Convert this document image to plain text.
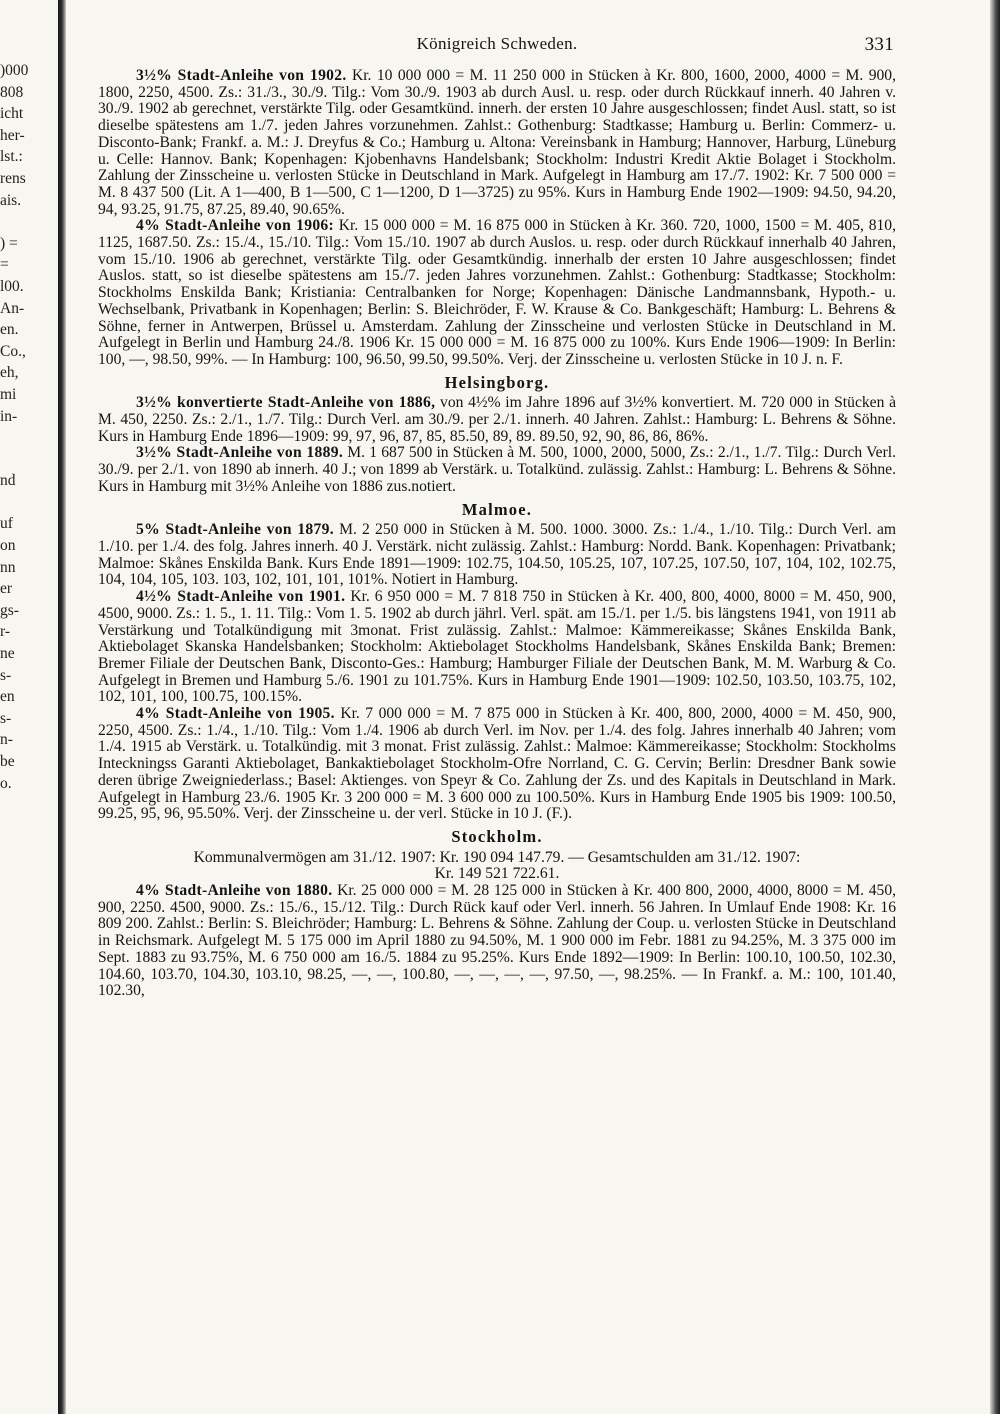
)000
808
icht
her-
lst.:
rens
ais.
) =
=
l00.
An-
en.
Co.,
eh,
mi
in-
nd
uf
on
nn
er
gs-
r-
ne
s-
en
s-
n-
be
o.
Königreich Schweden.	331

3½% Stadt-Anleihe von 1902. Kr. 10 000 000 = M. 11 250 000 in Stücken à Kr. 800, 1600, 2000, 4000 = M. 900, 1800, 2250, 4500. Zs.: 31./3., 30./9. Tilg.: Vom 30./9. 1903 ab durch Ausl. u. resp. oder durch Rückkauf innerh. 40 Jahren v. 30./9. 1902 ab gerechnet, verstärkte Tilg. oder Gesamtkünd. innerh. der ersten 10 Jahre ausgeschlossen; findet Ausl. statt, so ist dieselbe spätestens am 1./7. jeden Jahres vorzunehmen. Zahlst.: Gothenburg: Stadtkasse; Hamburg u. Berlin: Commerz- u. Disconto-Bank; Frankf. a. M.: J. Dreyfus & Co.; Hamburg u. Altona: Vereinsbank in Hamburg; Hannover, Harburg, Lüneburg u. Celle: Hannov. Bank; Kopenhagen: Kjobenhavns Handelsbank; Stockholm: Industri Kredit Aktie Bolaget i Stockholm. Zahlung der Zinsscheine u. verlosten Stücke in Deutschland in Mark. Aufgelegt in Hamburg am 17./7. 1902: Kr. 7 500 000 = M. 8 437 500 (Lit. A 1—400, B 1—500, C 1—1200, D 1—3725) zu 95%. Kurs in Hamburg Ende 1902—1909: 94.50, 94.20, 94, 93.25, 91.75, 87.25, 89.40, 90.65%.

4% Stadt-Anleihe von 1906: Kr. 15 000 000 = M. 16 875 000 in Stücken à Kr. 360. 720, 1000, 1500 = M. 405, 810, 1125, 1687.50. Zs.: 15./4., 15./10. Tilg.: Vom 15./10. 1907 ab durch Auslos. u. resp. oder durch Rückkauf innerhalb 40 Jahren, vom 15./10. 1906 ab gerechnet, verstärkte Tilg. oder Gesamtkündig. innerhalb der ersten 10 Jahre ausgeschlossen; findet Auslos. statt, so ist dieselbe spätestens am 15./7. jeden Jahres vorzunehmen. Zahlst.: Gothenburg: Stadtkasse; Stockholm: Stockholms Enskilda Bank; Kristiania: Centralbanken for Norge; Kopenhagen: Dänische Landmannsbank, Hypoth.- u. Wechselbank, Privatbank in Kopenhagen; Berlin: S. Bleichröder, F. W. Krause & Co. Bankgeschäft; Hamburg: L. Behrens & Söhne, ferner in Antwerpen, Brüssel u. Amsterdam. Zahlung der Zinsscheine und verlosten Stücke in Deutschland in M. Aufgelegt in Berlin und Hamburg 24./8. 1906 Kr. 15 000 000 = M. 16 875 000 zu 100%. Kurs Ende 1906—1909: In Berlin: 100, —, 98.50, 99%. — In Hamburg: 100, 96.50, 99.50, 99.50%. Verj. der Zinsscheine u. verlosten Stücke in 10 J. n. F.

Helsingborg.

3½% konvertierte Stadt-Anleihe von 1886, von 4½% im Jahre 1896 auf 3½% konvertiert. M. 720 000 in Stücken à M. 450, 2250. Zs.: 2./1., 1./7. Tilg.: Durch Verl. am 30./9. per 2./1. innerh. 40 Jahren. Zahlst.: Hamburg: L. Behrens & Söhne. Kurs in Hamburg Ende 1896—1909: 99, 97, 96, 87, 85, 85.50, 89, 89. 89.50, 92, 90, 86, 86, 86%.

3½% Stadt-Anleihe von 1889. M. 1 687 500 in Stücken à M. 500, 1000, 2000, 5000, Zs.: 2./1., 1./7. Tilg.: Durch Verl. 30./9. per 2./1. von 1890 ab innerh. 40 J.; von 1899 ab Verstärk. u. Totalkünd. zulässig. Zahlst.: Hamburg: L. Behrens & Söhne. Kurs in Hamburg mit 3½% Anleihe von 1886 zus.notiert.

Malmoe.

5% Stadt-Anleihe von 1879. M. 2 250 000 in Stücken à M. 500. 1000. 3000. Zs.: 1./4., 1./10. Tilg.: Durch Verl. am 1./10. per 1./4. des folg. Jahres innerh. 40 J. Verstärk. nicht zulässig. Zahlst.: Hamburg: Nordd. Bank. Kopenhagen: Privatbank; Malmoe: Skånes Enskilda Bank. Kurs Ende 1891—1909: 102.75, 104.50, 105.25, 107, 107.25, 107.50, 107, 104, 102, 102.75, 104, 104, 105, 103. 103, 102, 101, 101, 101%. Notiert in Hamburg.

4½% Stadt-Anleihe von 1901. Kr. 6 950 000 = M. 7 818 750 in Stücken à Kr. 400, 800, 4000, 8000 = M. 450, 900, 4500, 9000. Zs.: 1. 5., 1. 11. Tilg.: Vom 1. 5. 1902 ab durch jährl. Verl. spät. am 15./1. per 1./5. bis längstens 1941, von 1911 ab Verstärkung und Totalkündigung mit 3monat. Frist zulässig. Zahlst.: Malmoe: Kämmereikasse; Skånes Enskilda Bank, Aktiebolaget Skanska Handelsbanken; Stockholm: Aktiebolaget Stockholms Handelsbank, Skånes Enskilda Bank; Bremen: Bremer Filiale der Deutschen Bank, Disconto-Ges.: Hamburg; Hamburger Filiale der Deutschen Bank, M. M. Warburg & Co. Aufgelegt in Bremen und Hamburg 5./6. 1901 zu 101.75%. Kurs in Hamburg Ende 1901—1909: 102.50, 103.50, 103.75, 102, 102, 101, 100, 100.75, 100.15%.

4% Stadt-Anleihe von 1905. Kr. 7 000 000 = M. 7 875 000 in Stücken à Kr. 400, 800, 2000, 4000 = M. 450, 900, 2250, 4500. Zs.: 1./4., 1./10. Tilg.: Vom 1./4. 1906 ab durch Verl. im Nov. per 1./4. des folg. Jahres innerhalb 40 Jahren; vom 1./4. 1915 ab Verstärk. u. Totalkündig. mit 3 monat. Frist zulässig. Zahlst.: Malmoe: Kämmereikasse; Stockholm: Stockholms Inteckningss Garanti Aktiebolaget, Bankaktiebolaget Stockholm-Ofre Norrland, C. G. Cervin; Berlin: Dresdner Bank sowie deren übrige Zweigniederlass.; Basel: Aktienges. von Speyr & Co. Zahlung der Zs. und des Kapitals in Deutschland in Mark. Aufgelegt in Hamburg 23./6. 1905 Kr. 3 200 000 = M. 3 600 000 zu 100.50%. Kurs in Hamburg Ende 1905 bis 1909: 100.50, 99.25, 95, 96, 95.50%. Verj. der Zinsscheine u. der verl. Stücke in 10 J. (F.).

Stockholm.

Kommunalvermögen am 31./12. 1907: Kr. 190 094 147.79. — Gesamtschulden am 31./12. 1907:

Kr. 149 521 722.61.

4% Stadt-Anleihe von 1880. Kr. 25 000 000 = M. 28 125 000 in Stücken à Kr. 400 800, 2000, 4000, 8000 = M. 450, 900, 2250. 4500, 9000. Zs.: 15./6., 15./12. Tilg.: Durch Rück kauf oder Verl. innerh. 56 Jahren. In Umlauf Ende 1908: Kr. 16 809 200. Zahlst.: Berlin: S. Bleichröder; Hamburg: L. Behrens & Söhne. Zahlung der Coup. u. verlosten Stücke in Deutschland in Reichsmark. Aufgelegt M. 5 175 000 im April 1880 zu 94.50%, M. 1 900 000 im Febr. 1881 zu 94.25%, M. 3 375 000 im Sept. 1883 zu 93.75%, M. 6 750 000 am 16./5. 1884 zu 95.25%. Kurs Ende 1892—1909: In Berlin: 100.10, 100.50, 102.30, 104.60, 103.70, 104.30, 103.10, 98.25, —, —, 100.80, —, —, —, —, 97.50, —, 98.25%. — In Frankf. a. M.: 100, 101.40, 102.30,
